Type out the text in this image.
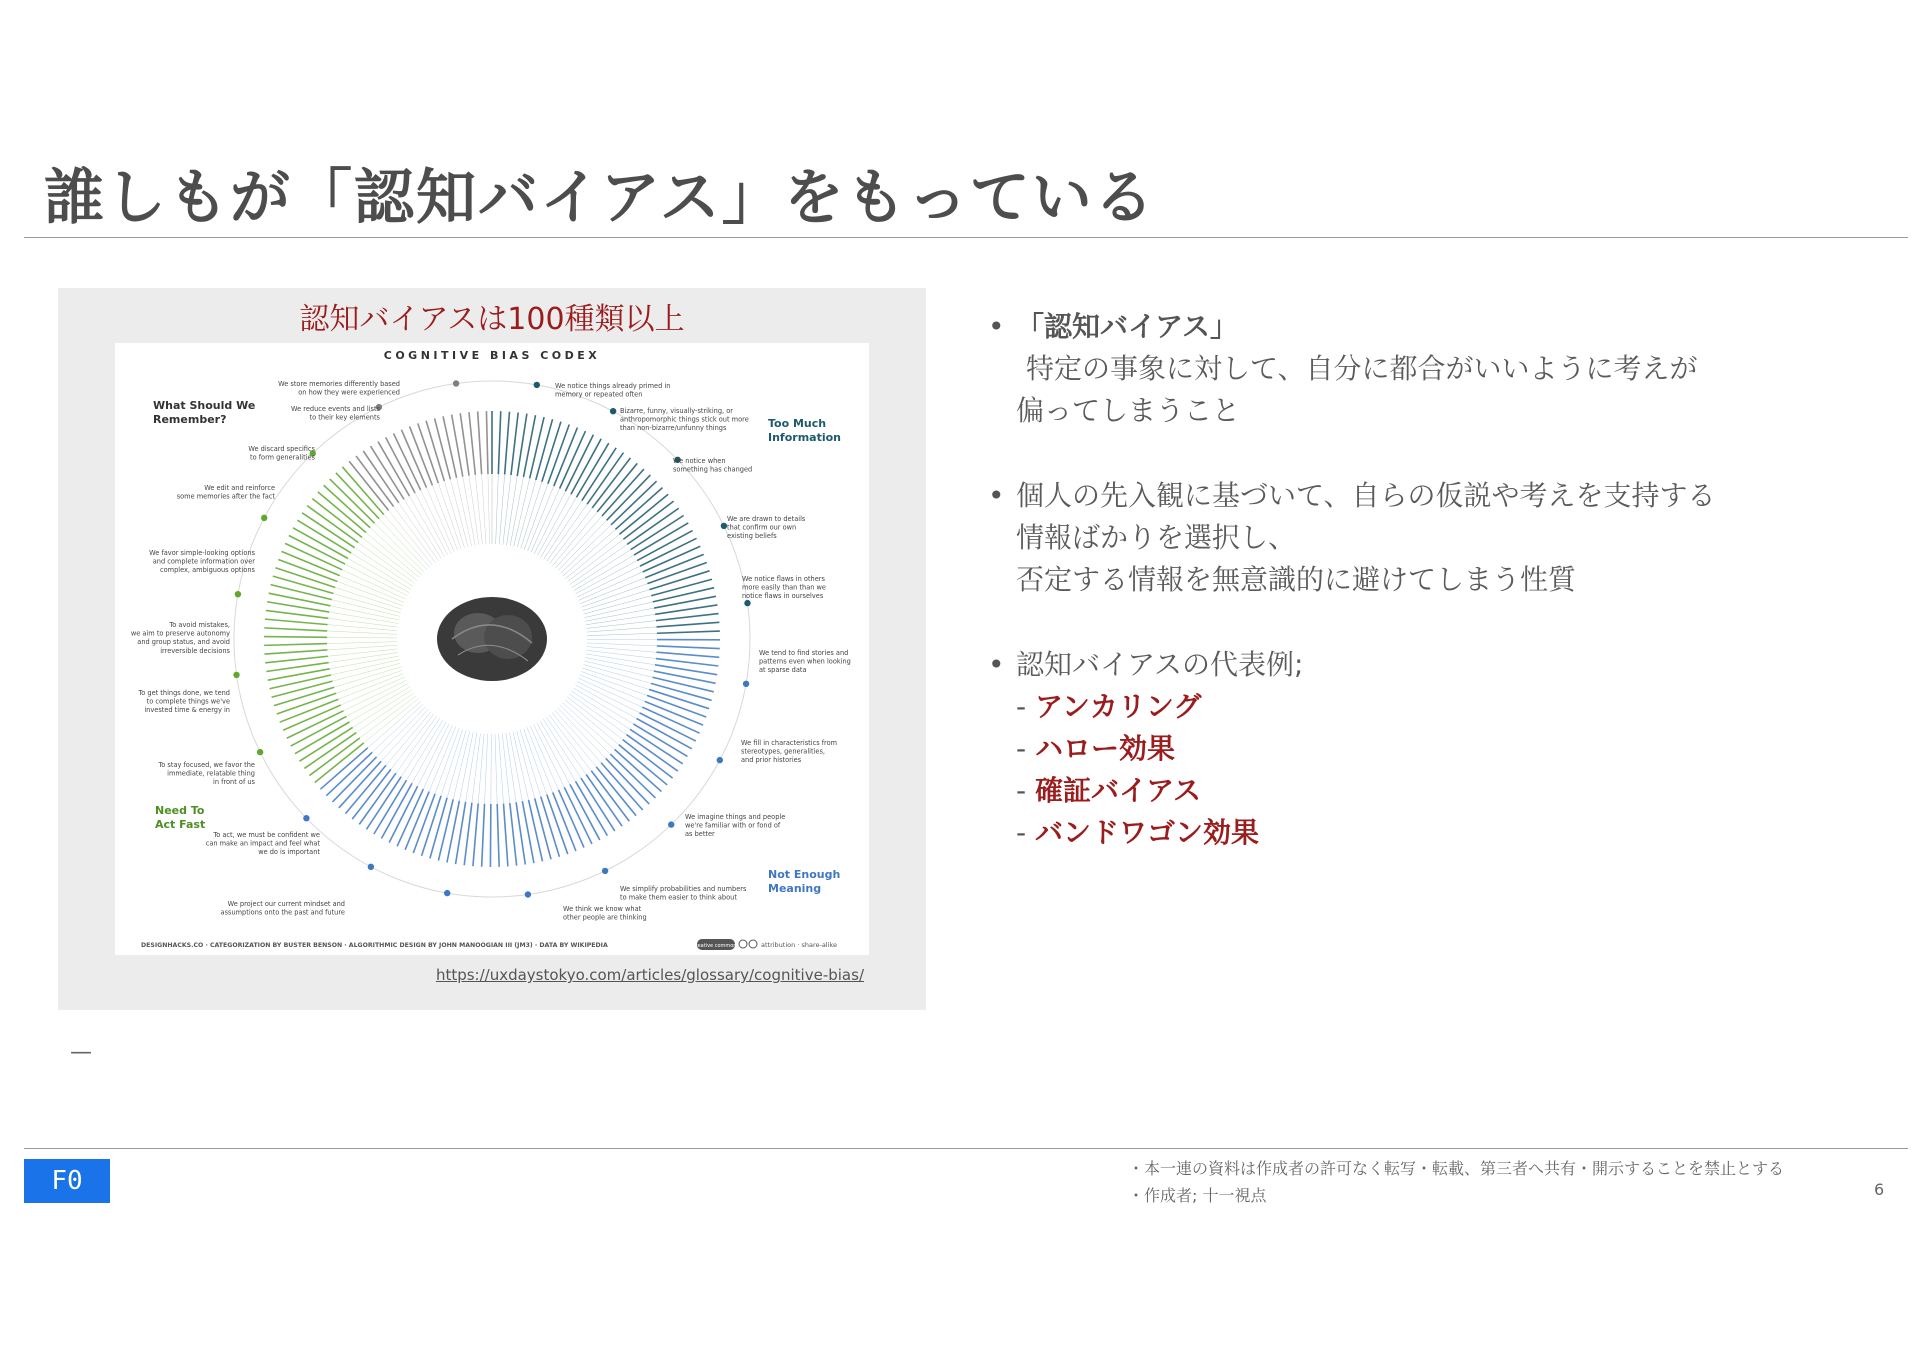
誰しもが「認知バイアス」をもっている
認知バイアスは100種類以上
COGNITIVE BIAS CODEX
What Should We
Remember?	Too Much
Information
Need To
Act Fast
Not Enough
Meaning
We store memories differently based on how they were experienced
We reduce events and lists to their key elements
We discard specifics to form generalities
We edit and reinforce some memories after the fact
We favor simple-looking options and complete information over complex, ambiguous options
To avoid mistakes, we aim to preserve autonomy and group status, and avoid irreversible decisions
To get things done, we tend to complete things we've invested time & energy in
To stay focused, we favor the immediate, relatable thing in front of us
To act, we must be confident we can make an impact and feel what we do is important
We project our current mindset and assumptions onto the past and future
We notice things already primed in memory or repeated often
Bizarre, funny, visually-striking, or anthropomorphic things stick out more than non-bizarre/unfunny things
We notice when something has changed
We are drawn to details that confirm our own existing beliefs
We notice flaws in others more easily than than we notice flaws in ourselves
We tend to find stories and patterns even when looking at sparse data
We fill in characteristics from stereotypes, generalities, and prior histories
We imagine things and people we're familiar with or fond of as better
We simplify probabilities and numbers to make them easier to think about
We think we know what other people are thinking
DESIGNHACKS.CO · CATEGORIZATION BY BUSTER BENSON · ALGORITHMIC DESIGN BY JOHN MANOOGIAN III (JM3) · DATA BY WIKIPEDIA	creative commons	attribution · share-alike
https://uxdaystokyo.com/articles/glossary/cognitive-bias/
• 「認知バイアス」
特定の事象に対して、自分に都合がいいように考えが
偏ってしまうこと
• 個人の先入観に基づいて、自らの仮説や考えを支持する
情報ばかりを選択し、
否定する情報を無意識的に避けてしまう性質
• 認知バイアスの代表例;
- アンカリング
- ハロー効果
- 確証バイアス
- バンドワゴン効果
—
F0	・本一連の資料は作成者の許可なく転写・転載、第三者へ共有・開示することを禁止とする
・作成者; 十一視点	6
